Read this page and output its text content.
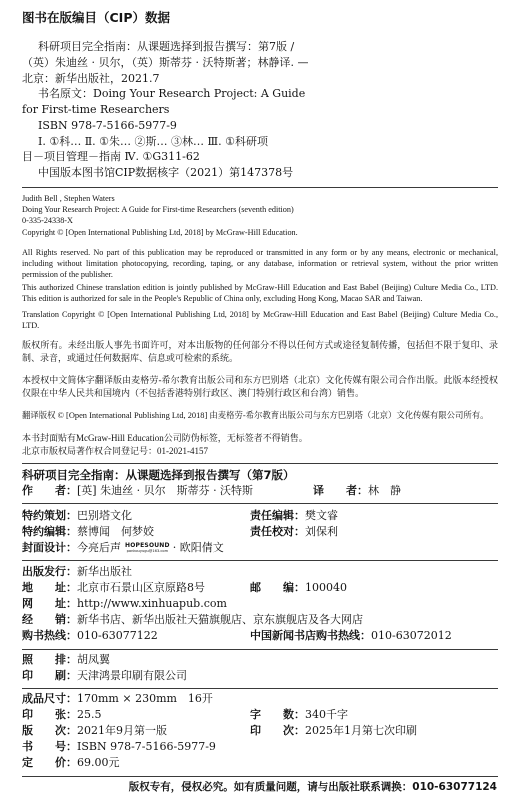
图书在版编目（CIP）数据
科研项目完全指南：从课题选择到报告撰写：第7版 /
（英）朱迪丝 · 贝尔，（英）斯蒂芬 · 沃特斯著；林静译. —
北京：新华出版社，2021.7
书名原文：Doing Your Research Project: A Guide
for First-time Researchers
ISBN 978-7-5166-5977-9
Ⅰ. ①科… Ⅱ. ①朱… ②斯… ③林… Ⅲ. ①科研项
目－项目管理－指南 Ⅳ. ①G311-62
中国版本图书馆CIP数据核字（2021）第147378号
Judith Bell , Stephen Waters
Doing Your Research Project: A Guide for First-time Researchers (seventh edition)
0-335-24338-X
Copyright © [Open International Publishing Ltd, 2018] by McGraw-Hill Education.
All Rights reserved. No part of this publication may be reproduced or transmitted in any form or by any means, electronic or mechanical, including without limitation photocopying, recording, taping, or any database, information or retrieval system, without the prior written permission of the publisher.
This authorized Chinese translation edition is jointly published by McGraw-Hill Education and East Babel (Beijing) Culture Media Co., LTD. This edition is authorized for sale in the People's Republic of China only, excluding Hong Kong, Macao SAR and Taiwan.
Translation Copyright © [Open International Publishing Ltd, 2018] by McGraw-Hill Education and East Babel (Beijing) Culture Media Co., LTD.
版权所有。未经出版人事先书面许可，对本出版物的任何部分不得以任何方式或途径复制传播，包括但不限于复印、录制、录音，或通过任何数据库、信息或可检索的系统。
本授权中文简体字翻译版由麦格劳-希尔教育出版公司和东方巴别塔（北京）文化传媒有限公司合作出版。此版本经授权仅限在中华人民共和国境内（不包括香港特别行政区、澳门特别行政区和台湾）销售。
翻译版权 © [Open International Publishing Ltd, 2018] 由麦格劳-希尔教育出版公司与东方巴别塔（北京）文化传媒有限公司所有。
本书封面贴有McGraw-Hill Education公司防伪标签，无标签者不得销售。
北京市版权局著作权合同登记号：01-2021-4157
科研项目完全指南：从课题选择到报告撰写（第7版）
作　　者：[英] 朱迪丝 · 贝尔　斯蒂芬 · 沃特斯	译　　者：林　静
特约策划：巴别塔文化	责任编辑：樊文睿
特约编辑：蔡博闻　何梦姣	责任校对：刘保利
封面设计：今亮后声 HOPESOUND
pankouyugu@163.com · 欧阳倩文
出版发行：新华出版社
地　　址：北京市石景山区京原路8号	邮　　编：100040
网　　址：http://www.xinhuapub.com
经　　销：新华书店、新华出版社天猫旗舰店、京东旗舰店及各大网店
购书热线：010-63077122	中国新闻书店购书热线：010-63072012
照　　排：胡凤翼
印　　刷：天津鸿景印刷有限公司
成品尺寸：170mm × 230mm　16开
印　　张：25.5	字　　数：340千字
版　　次：2021年9月第一版	印　　次：2025年1月第七次印刷
书　　号：ISBN 978-7-5166-5977-9
定　　价：69.00元
版权专有，侵权必究。如有质量问题，请与出版社联系调换：010-63077124
